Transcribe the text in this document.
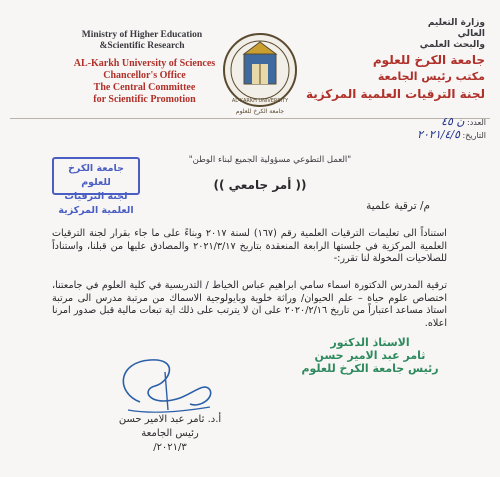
Ministry of Higher Education
&Scientific Research
AL-Karkh University of Sciences
Chancellor's Office
The Central Committee
for Scientific Promotion	AL-KARKH UNIVERSITY
جامعة الكرخ للعلوم
وزارة التعليم العالي
والبحث العلمي
جامعة الكرخ للعلوم
مكتب رئيس الجامعة
لجنة الترقيات العلمية المركزية
العدد: ن ٤٥
التاريخ: ٢٠٢١/٤/٥
"العمل التطوعي مسؤولية الجميع لبناء الوطن"
جامعة الكرخ للعلوم
لجنة الترقيات العلمية المركزية
(( أمر جامعي ))
م/ ترقية علمية
استناداً الى تعليمات الترقيات العلمية رقم (١٦٧) لسنة ٢٠١٧ وبناءً على ما جاء بقرار لجنة الترقيات العلمية المركزية في جلستها الرابعة المنعقدة بتاريخ ٢٠٢١/٣/١٧ والمصادق عليها من قبلنا، واستناداً للصلاحيات المخولة لنا تقرر:-
ترقية المدرس الدكتورة اسماء سامي ابراهيم عباس الخياط / التدريسية في كلية العلوم في جامعتنا، اختصاص علوم حياة – علم الحيوان/ وراثة خلوية وبايولوجية الاسماك من مرتبة مدرس الى مرتبة استاذ مساعد اعتباراً من تاريخ ٢٠٢٠/٢/١٦ على ان لا يترتب على ذلك اية تبعات مالية قبل صدور امرنا اعلاه.
الاستاذ الدكتور
ثامر عبد الامير حسن
رئيس جامعة الكرخ للعلوم
أ.د. ثامر عبد الامير حسن
رئيس الجامعة
٢٠٢١/٣/
